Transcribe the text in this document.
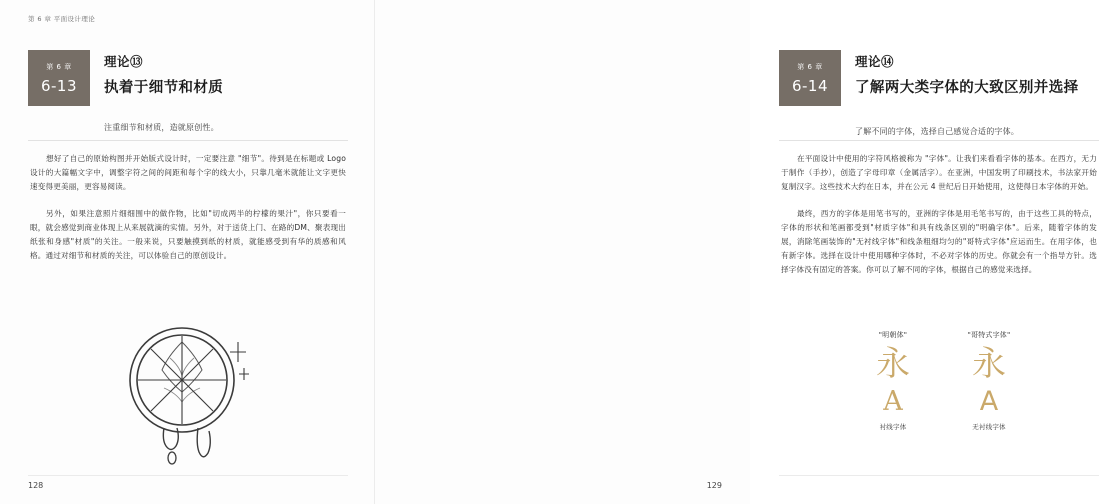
第 6 章 平面设计理论
第 6 章
6-13
理论⑬
执着于细节和材质
注重细节和材质，造就原创性。

想好了自己的原始构图并开始版式设计时，一定要注意 "细节"。待到是在标题或 Logo 设计的大篇幅文字中，调整字符之间的间距和每个字的线大小，只靠几毫米就能让文字更快速变得更美丽，更容易阅读。

另外，如果注意照片细细围中的做作物，比如"切成两半的柠檬的果汁"，你只要看一眼，就会感觉到商业体现上从来展就滴的实情。另外，对于送货上门、在路的DM、聚表现出纸张和身感"材质"的关注。一般来说，只要触摸到纸的材质，就能感受到有华的质感和风格。通过对细节和材质的关注，可以体验自己的原创设计。

128
第 6 章
6-14
理论⑭
了解两大类字体的大致区别并选择
了解不同的字体，选择自己感觉合适的字体。

在平面设计中使用的字符风格被称为 "字体"。让我们来看看字体的基本。在西方，无力于制作（手抄），创造了字母印章（金属活字）。在亚洲，中国发明了印刷技术，书法家开始复制汉字。这些技术大约在日本，并在公元 4 世纪后日开始使用，这使得日本字体的开始。

最终，西方的字体是用笔书写的，亚洲的字体是用毛笔书写的，由于这些工具的特点，字体的形状和笔画都受到"材质字体"和具有线条区别的"明确字体"。后来，随着字体的发展，消除笔画装饰的"无衬线字体"和线条粗细均匀的"哥特式字体"应运而生。在用字体，也有新字体。选择在设计中使用哪种字体时，不必对字体的历史。你就会有一个指导方针。选择字体没有固定的答案。你可以了解不同的字体，根据自己的感觉来选择。

"明朝体"
永
A
衬线字体
"哥特式字体"
永
A
无衬线字体
129
